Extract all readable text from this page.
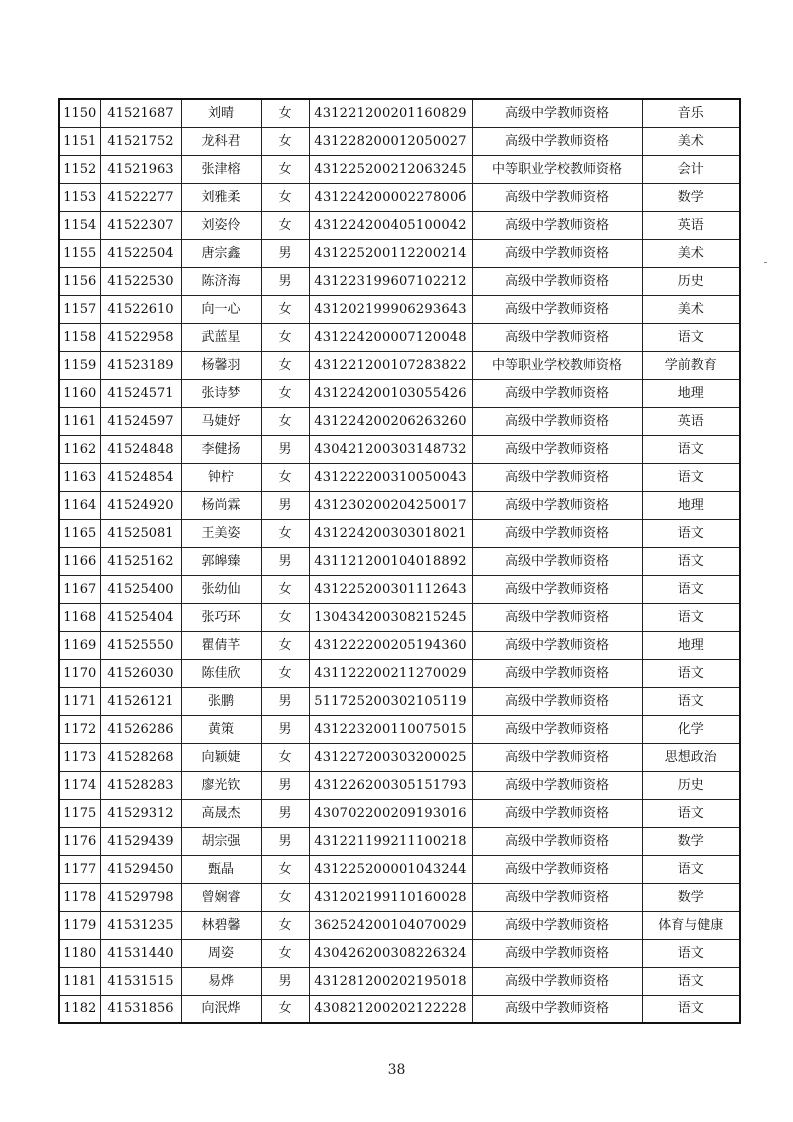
1150	41521687	刘晴	女	431221200201160829	高级中学教师资格	音乐
1151	41521752	龙科君	女	431228200012050027	高级中学教师资格	美术
1152	41521963	张津榕	女	431225200212063245	中等职业学校教师资格	会计
1153	41522277	刘雅柔	女	43122420000227800б	高级中学教师资格	数学
1154	41522307	刘姿伶	女	431224200405100042	高级中学教师资格	英语
1155	41522504	唐宗鑫	男	431225200112200214	高级中学教师资格	美术
1156	41522530	陈济海	男	431223199607102212	高级中学教师资格	历史
1157	41522610	向一心	女	431202199906293643	高级中学教师资格	美术
1158	41522958	武蓝星	女	431224200007120048	高级中学教师资格	语文
1159	41523189	杨馨羽	女	431221200107283822	中等职业学校教师资格	学前教育
1160	41524571	张诗梦	女	431224200103055426	高级中学教师资格	地理
1161	41524597	马婕妤	女	431224200206263260	高级中学教师资格	英语
1162	41524848	李健扬	男	430421200303148732	高级中学教师资格	语文
1163	41524854	钟柠	女	431222200310050043	高级中学教师资格	语文
1164	41524920	杨尚霖	男	431230200204250017	高级中学教师资格	地理
1165	41525081	王美姿	女	431224200303018021	高级中学教师资格	语文
1166	41525162	郭皞臻	男	431121200104018892	高级中学教师资格	语文
1167	41525400	张幼仙	女	431225200301112643	高级中学教师资格	语文
1168	41525404	张巧环	女	130434200308215245	高级中学教师资格	语文
1169	41525550	瞿倩芊	女	431222200205194360	高级中学教师资格	地理
1170	41526030	陈佳欣	女	431122200211270029	高级中学教师资格	语文
1171	41526121	张鹏	男	511725200302105119	高级中学教师资格	语文
1172	41526286	黄策	男	431223200110075015	高级中学教师资格	化学
1173	41528268	向颖婕	女	431227200303200025	高级中学教师资格	思想政治
1174	41528283	廖光钦	男	431226200305151793	高级中学教师资格	历史
1175	41529312	高晟杰	男	430702200209193016	高级中学教师资格	语文
1176	41529439	胡宗强	男	431221199211100218	高级中学教师资格	数学
1177	41529450	甄晶	女	431225200001043244	高级中学教师资格	语文
1178	41529798	曾娴睿	女	431202199110160028	高级中学教师资格	数学
1179	41531235	林碧馨	女	362524200104070029	高级中学教师资格	体育与健康
1180	41531440	周姿	女	430426200308226324	高级中学教师资格	语文
1181	41531515	易烨	男	431281200202195018	高级中学教师资格	语文
1182	41531856	向泯烨	女	430821200202122228	高级中学教师资格	语文
38
